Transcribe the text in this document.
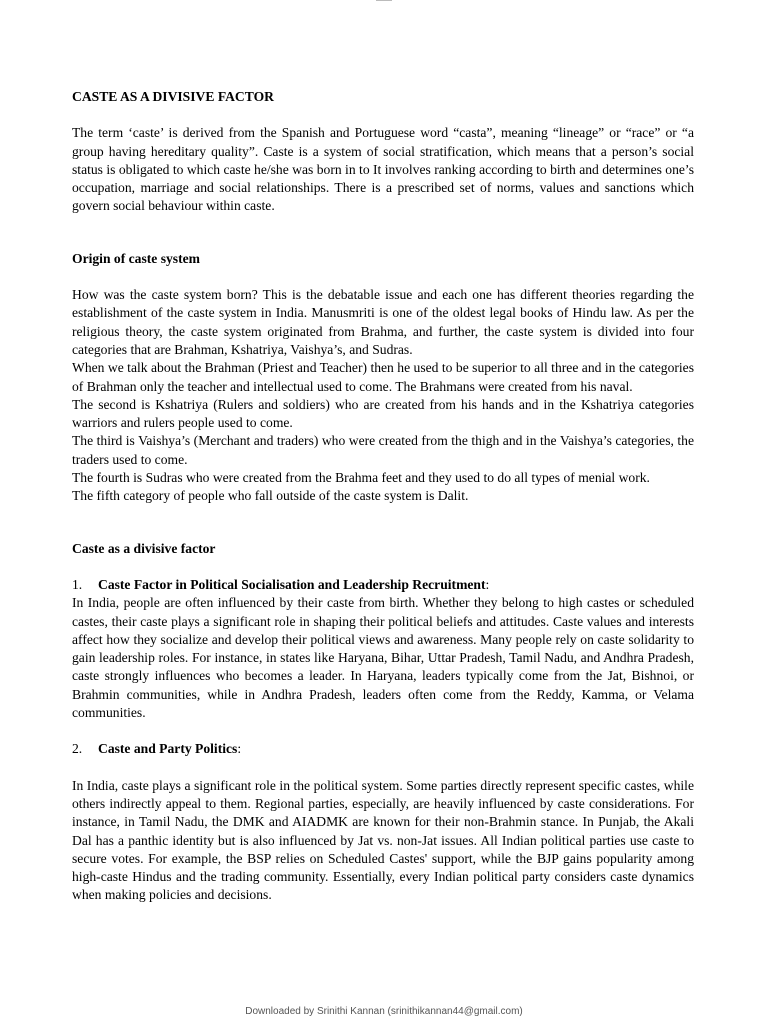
CASTE AS A DIVISIVE FACTOR

The term ‘caste’ is derived from the Spanish and Portuguese word “casta”, meaning “lineage” or “race” or “a group having hereditary quality”. Caste is a system of social stratification, which means that a person’s social status is obligated to which caste he/she was born in to It involves ranking according to birth and determines one’s occupation, marriage and social relationships. There is a prescribed set of norms, values and sanctions which govern social behaviour within caste.

Origin of caste system

How was the caste system born? This is the debatable issue and each one has different theories regarding the establishment of the caste system in India. Manusmriti is one of the oldest legal books of Hindu law. As per the religious theory, the caste system originated from Brahma, and further, the caste system is divided into four categories that are Brahman, Kshatriya, Vaishya’s, and Sudras.

When we talk about the Brahman (Priest and Teacher) then he used to be superior to all three and in the categories of Brahman only the teacher and intellectual used to come. The Brahmans were created from his naval.

The second is Kshatriya (Rulers and soldiers) who are created from his hands and in the Kshatriya categories warriors and rulers people used to come.

The third is Vaishya’s (Merchant and traders) who were created from the thigh and in the Vaishya’s categories, the traders used to come.

The fourth is Sudras who were created from the Brahma feet and they used to do all types of menial work.

The fifth category of people who fall outside of the caste system is Dalit.

Caste as a divisive factor
1. Caste Factor in Political Socialisation and Leadership Recruitment:

In India, people are often influenced by their caste from birth. Whether they belong to high castes or scheduled castes, their caste plays a significant role in shaping their political beliefs and attitudes. Caste values and interests affect how they socialize and develop their political views and awareness. Many people rely on caste solidarity to gain leadership roles. For instance, in states like Haryana, Bihar, Uttar Pradesh, Tamil Nadu, and Andhra Pradesh, caste strongly influences who becomes a leader. In Haryana, leaders typically come from the Jat, Bishnoi, or Brahmin communities, while in Andhra Pradesh, leaders often come from the Reddy, Kamma, or Velama communities.

2. Caste and Party Politics:

In India, caste plays a significant role in the political system. Some parties directly represent specific castes, while others indirectly appeal to them. Regional parties, especially, are heavily influenced by caste considerations. For instance, in Tamil Nadu, the DMK and AIADMK are known for their non-Brahmin stance. In Punjab, the Akali Dal has a panthic identity but is also influenced by Jat vs. non-Jat issues. All Indian political parties use caste to secure votes. For example, the BSP relies on Scheduled Castes' support, while the BJP gains popularity among high-caste Hindus and the trading community. Essentially, every Indian political party considers caste dynamics when making policies and decisions.

Downloaded by Srinithi Kannan (srinithikannan44@gmail.com)
